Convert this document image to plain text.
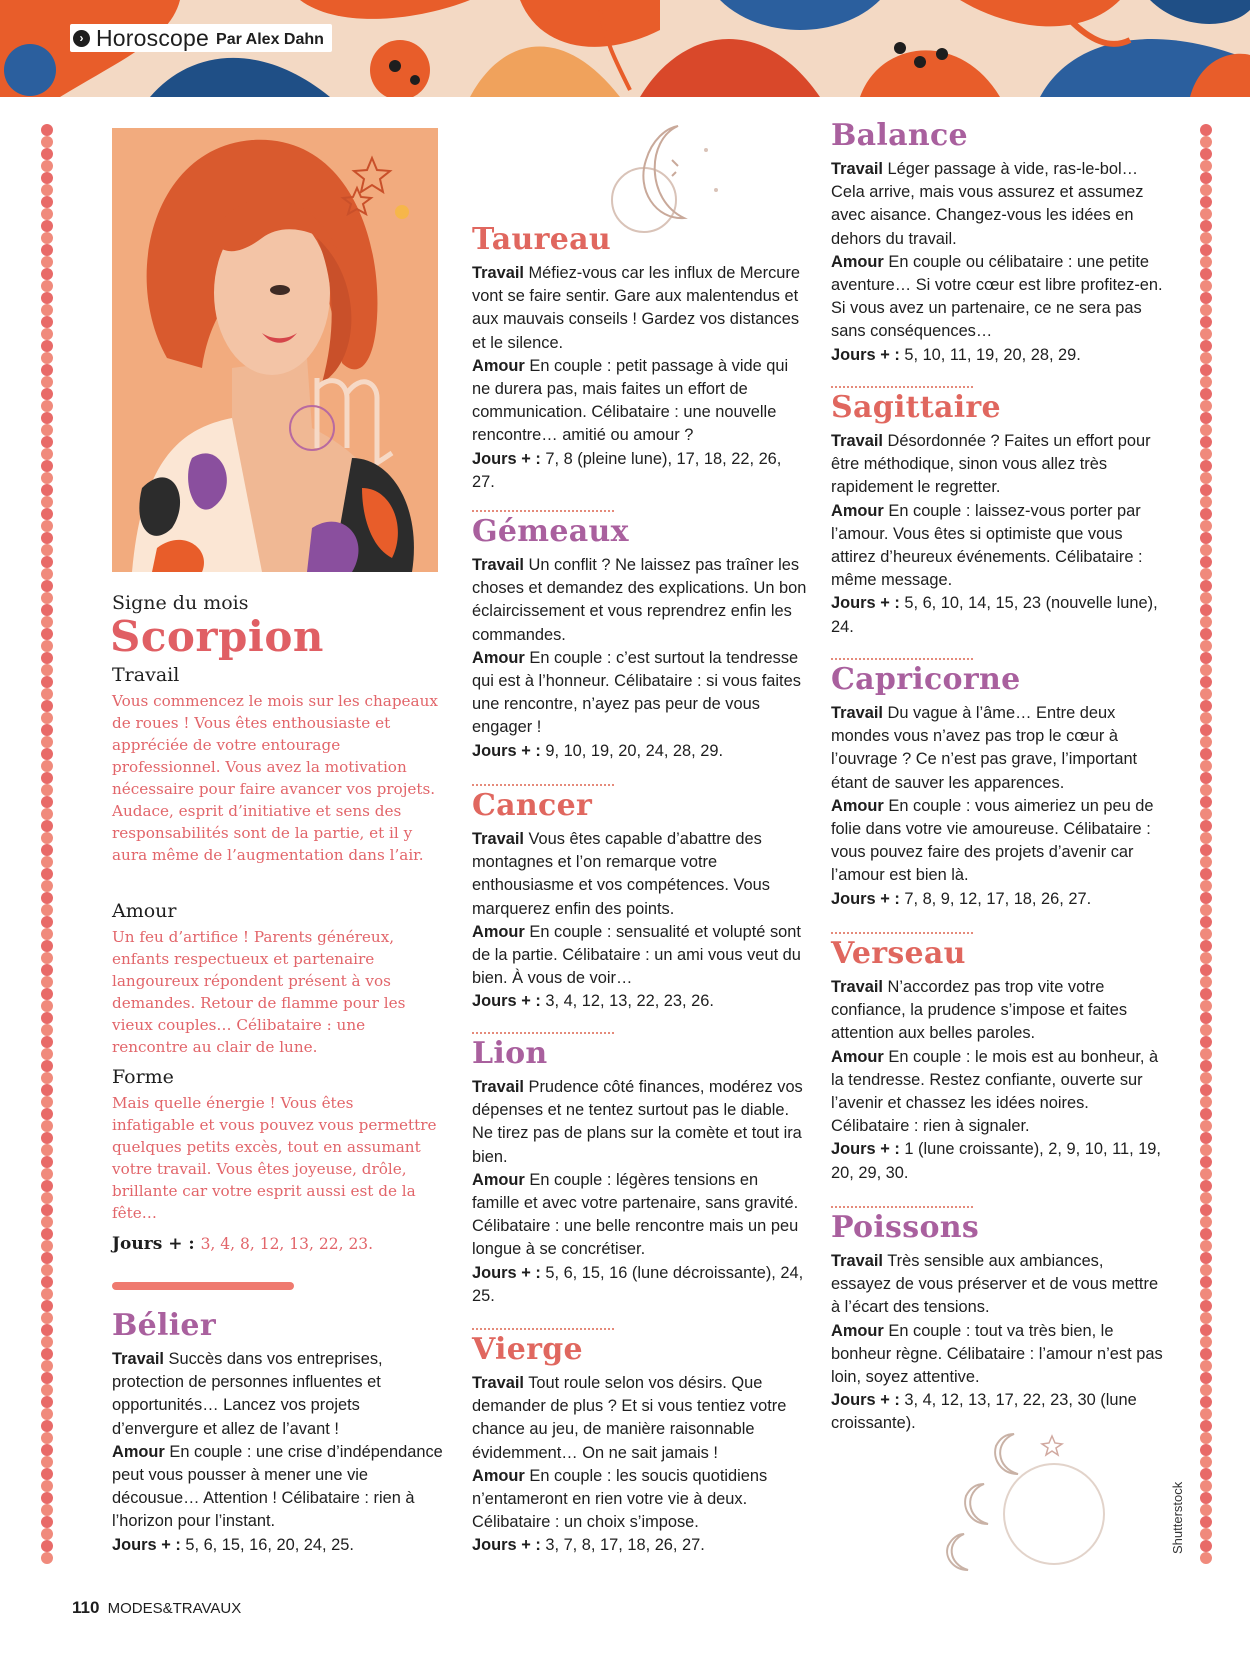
› Horoscope Par Alex Dahn
Signe du mois
Scorpion
Travail
Vous commencez le mois sur les chapeaux de roues ! Vous êtes enthousiaste et appréciée de votre entourage professionnel. Vous avez la motivation nécessaire pour faire avancer vos projets. Audace, esprit d’initiative et sens des responsabilités sont de la partie, et il y aura même de l’augmentation dans l’air.
Amour
Un feu d’artifice ! Parents généreux, enfants respectueux et partenaire langoureux répondent présent à vos demandes. Retour de flamme pour les vieux couples… Célibataire : une rencontre au clair de lune.
Forme
Mais quelle énergie ! Vous êtes infatigable et vous pouvez vous permettre quelques petits excès, tout en assumant votre travail. Vous êtes joyeuse, drôle, brillante car votre esprit aussi est de la fête…
Jours + : 3, 4, 8, 12, 13, 22, 23.
Bélier
Travail Succès dans vos entreprises, protection de personnes influentes et opportunités… Lancez vos projets d’envergure et allez de l’avant !
Amour En couple : une crise d’indépendance peut vous pousser à mener une vie décousue… Attention ! Célibataire : rien à l’horizon pour l’instant.
Jours + : 5, 6, 15, 16, 20, 24, 25.
Taureau
Travail Méfiez-vous car les influx de Mercure vont se faire sentir. Gare aux malentendus et aux mauvais conseils ! Gardez vos distances et le silence.
Amour En couple : petit passage à vide qui ne durera pas, mais faites un effort de communication. Célibataire : une nouvelle rencontre… amitié ou amour ?
Jours + : 7, 8 (pleine lune), 17, 18, 22, 26, 27.
Gémeaux
Travail Un conflit ? Ne laissez pas traîner les choses et demandez des explications. Un bon éclaircissement et vous reprendrez enfin les commandes.
Amour En couple : c’est surtout la tendresse qui est à l’honneur. Célibataire : si vous faites une rencontre, n’ayez pas peur de vous engager !
Jours + : 9, 10, 19, 20, 24, 28, 29.
Cancer
Travail Vous êtes capable d’abattre des montagnes et l’on remarque votre enthousiasme et vos compétences. Vous marquerez enfin des points.
Amour En couple : sensualité et volupté sont de la partie. Célibataire : un ami vous veut du bien. À vous de voir…
Jours + : 3, 4, 12, 13, 22, 23, 26.
Lion
Travail Prudence côté finances, modérez vos dépenses et ne tentez surtout pas le diable. Ne tirez pas de plans sur la comète et tout ira bien.
Amour En couple : légères tensions en famille et avec votre partenaire, sans gravité. Célibataire : une belle rencontre mais un peu longue à se concrétiser.
Jours + : 5, 6, 15, 16 (lune décroissante), 24, 25.
Vierge
Travail Tout roule selon vos désirs. Que demander de plus ? Et si vous tentiez votre chance au jeu, de manière raisonnable évidemment… On ne sait jamais !
Amour En couple : les soucis quotidiens n’entameront en rien votre vie à deux. Célibataire : un choix s’impose.
Jours + : 3, 7, 8, 17, 18, 26, 27.
Balance
Travail Léger passage à vide, ras-le-bol… Cela arrive, mais vous assurez et assumez avec aisance. Changez-vous les idées en dehors du travail.
Amour En couple ou célibataire : une petite aventure… Si votre cœur est libre profitez-en. Si vous avez un partenaire, ce ne sera pas sans conséquences…
Jours + : 5, 10, 11, 19, 20, 28, 29.
Sagittaire
Travail Désordonnée ? Faites un effort pour être méthodique, sinon vous allez très rapidement le regretter.
Amour En couple : laissez-vous porter par l’amour. Vous êtes si optimiste que vous attirez d’heureux événements. Célibataire : même message.
Jours + : 5, 6, 10, 14, 15, 23 (nouvelle lune), 24.
Capricorne
Travail Du vague à l’âme… Entre deux mondes vous n’avez pas trop le cœur à l’ouvrage ? Ce n’est pas grave, l’important étant de sauver les apparences.
Amour En couple : vous aimeriez un peu de folie dans votre vie amoureuse. Célibataire : vous pouvez faire des projets d’avenir car l’amour est bien là.
Jours + : 7, 8, 9, 12, 17, 18, 26, 27.
Verseau
Travail N’accordez pas trop vite votre confiance, la prudence s’impose et faites attention aux belles paroles.
Amour En couple : le mois est au bonheur, à la tendresse. Restez confiante, ouverte sur l’avenir et chassez les idées noires. Célibataire : rien à signaler.
Jours + : 1 (lune croissante), 2, 9, 10, 11, 19, 20, 29, 30.
Poissons
Travail Très sensible aux ambiances, essayez de vous préserver et de vous mettre à l’écart des tensions.
Amour En couple : tout va très bien, le bonheur règne. Célibataire : l’amour n’est pas loin, soyez attentive.
Jours + : 3, 4, 12, 13, 17, 22, 23, 30 (lune croissante).
Shutterstock
110 MODES&TRAVAUX
